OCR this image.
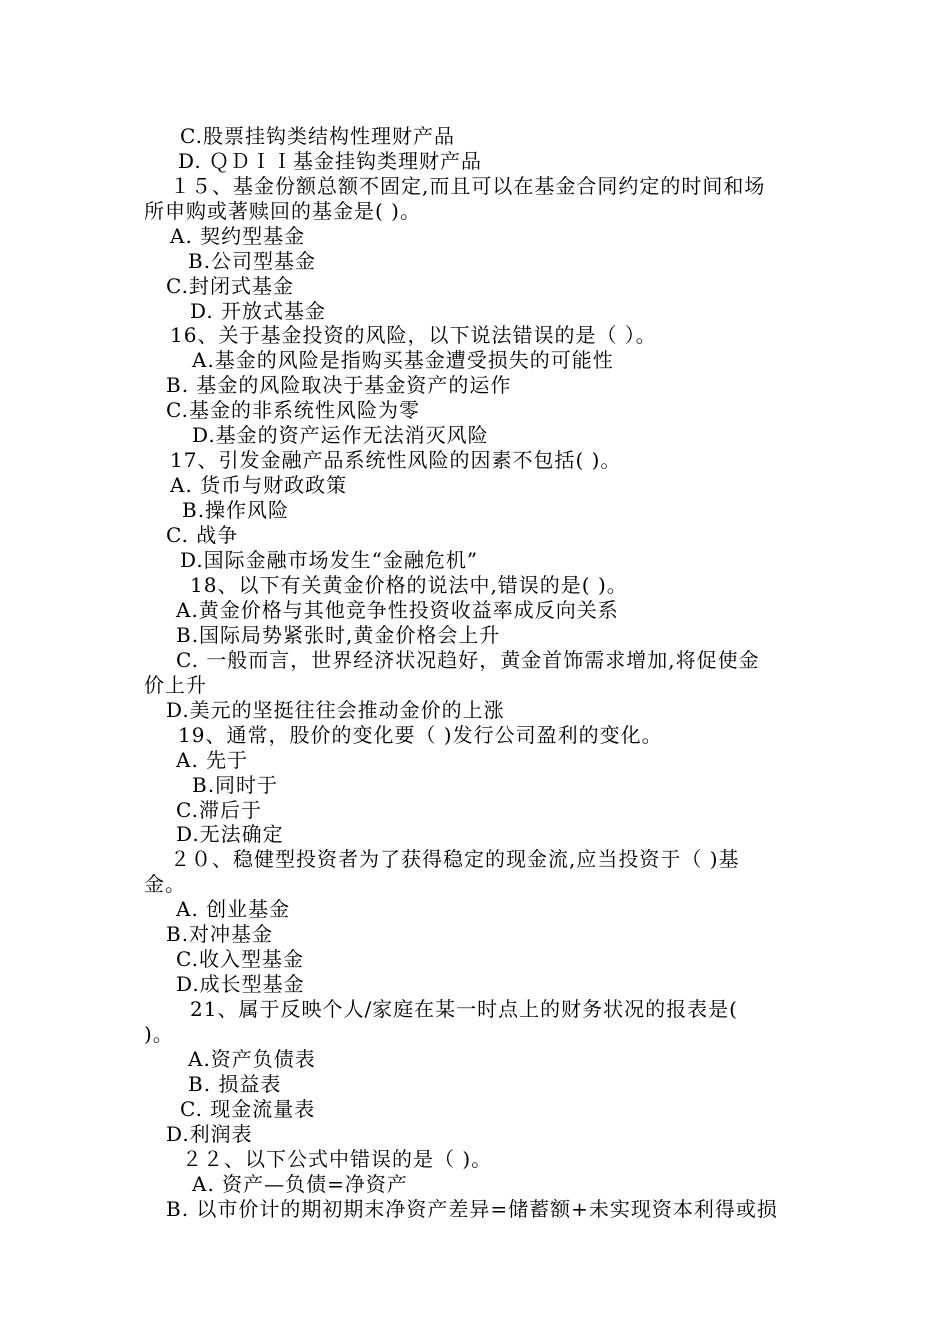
C.股票挂钩类结构性理财产品
D. ＱＤＩＩ基金挂钩类理财产品
１５、基金份额总额不固定,而且可以在基金合同约定的时间和场
所申购或著赎回的基金是( )。
A. 契约型基金
B.公司型基金
C.封闭式基金
D. 开放式基金
16、关于基金投资的风险，以下说法错误的是（ ）。
A.基金的风险是指购买基金遭受损失的可能性
B. 基金的风险取决于基金资产的运作
C.基金的非系统性风险为零
D.基金的资产运作无法消灭风险
17、引发金融产品系统性风险的因素不包括( )。
A. 货币与财政政策
B.操作风险
C. 战争
D.国际金融市场发生“金融危机”
18、以下有关黄金价格的说法中,错误的是( )。
A.黄金价格与其他竞争性投资收益率成反向关系
B.国际局势紧张时,黄金价格会上升
C. 一般而言，世界经济状况趋好，黄金首饰需求增加,将促使金
价上升
D.美元的坚挺往往会推动金价的上涨
19、通常，股价的变化要（ )发行公司盈利的变化。
A. 先于
B.同时于
C.滞后于
D.无法确定
２０、稳健型投资者为了获得稳定的现金流,应当投资于（ )基
金。
A. 创业基金
B.对冲基金
C.收入型基金
D.成长型基金
21、属于反映个人/家庭在某一时点上的财务状况的报表是(
)。
A.资产负债表
B. 损益表
C. 现金流量表
D.利润表
２２、以下公式中错误的是（ )。
A. 资产—负债=净资产
B. 以市价计的期初期末净资产差异=储蓄额+未实现资本利得或损
